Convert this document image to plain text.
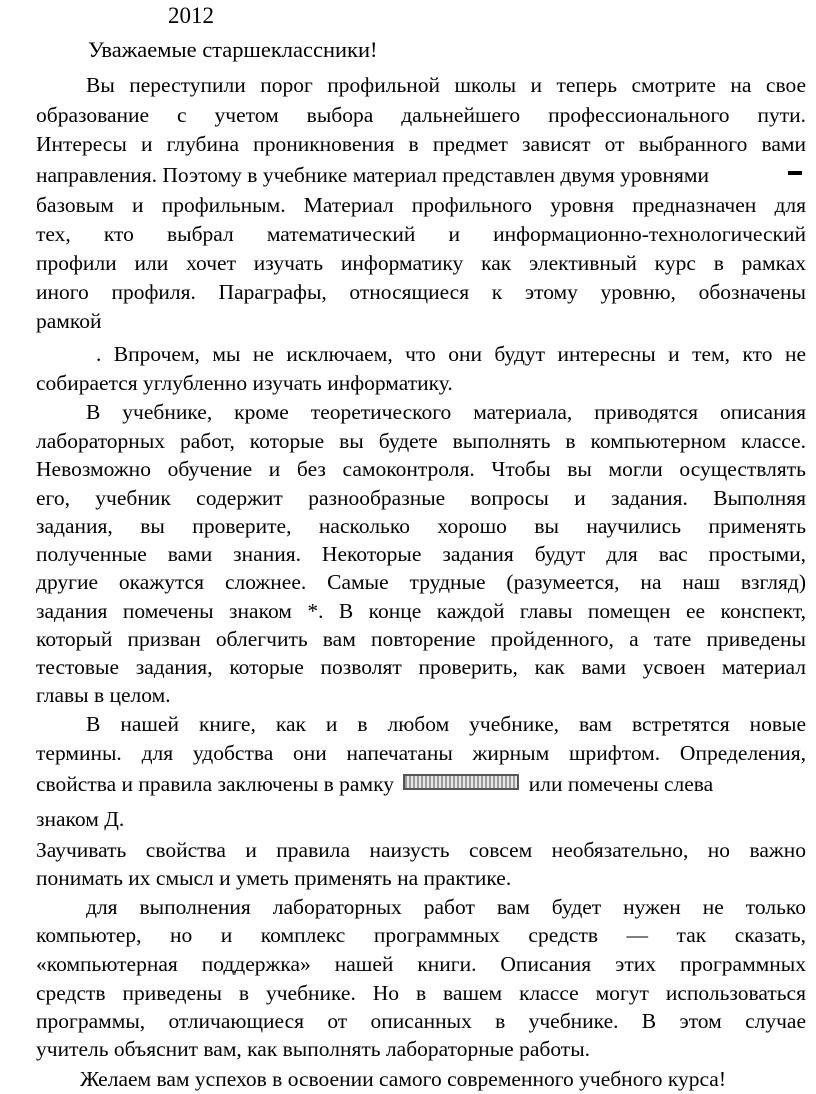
2012
Уважаемые старшеклассники!
Вы переступили порог профильной школы и теперь смотрите на свое
образование с учетом выбора дальнейшего профессионального пути.
Интересы и глубина проникновения в предмет зависят от выбранного вами
направления. Поэтому в учебнике материал представлен двумя уровнями
базовым и профильным. Материал профильного уровня предназначен для
тех, кто выбрал математический и информационно-технологический
профили или хочет изучать информатику как элективный курс в рамках
иного профиля. Параграфы, относящиеся к этому уровню, обозначены
рамкой
. Впрочем, мы не исключаем, что они будут интересны и тем, кто не
собирается углубленно изучать информатику.
В учебнике, кроме теоретического материала, приводятся описания
лабораторных работ, которые вы будете выполнять в компьютерном классе.
Невозможно обучение и без самоконтроля. Чтобы вы могли осуществлять
его, учебник содержит разнообразные вопросы и задания. Выполняя
задания, вы проверите, насколько хорошо вы научились применять
полученные вами знания. Некоторые задания будут для вас простыми,
другие окажутся сложнее. Самые трудные (разумеется, на наш взгляд)
задания помечены знаком *. В конце каждой главы помещен ее конспект,
который призван облегчить вам повторение пройденного, а тате приведены
тестовые задания, которые позволят проверить, как вами усвоен материал
главы в целом.
В нашей книге, как и в любом учебнике, вам встретятся новые
термины. для удобства они напечатаны жирным шрифтом. Определения,
свойства и правила заключены в рамку	или помечены слева
знаком Д.
Заучивать свойства и правила наизусть совсем необязательно, но важно
понимать их смысл и уметь применять на практике.
для выполнения лабораторных работ вам будет нужен не только
компьютер, но и комплекс программных средств — так сказать,
«компьютерная поддержка» нашей книги. Описания этих программных
средств приведены в учебнике. Но в вашем классе могут использоваться
программы, отличающиеся от описанных в учебнике. В этом случае
учитель объяснит вам, как выполнять лабораторные работы.
Желаем вам успехов в освоении самого современного учебного курса!
